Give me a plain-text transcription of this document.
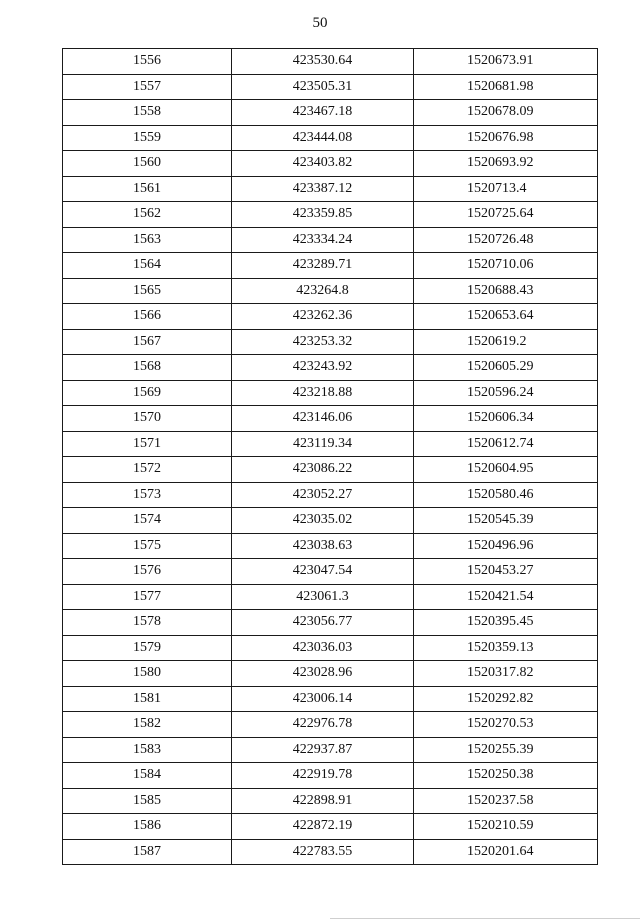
50
1556	423530.64	1520673.91
1557	423505.31	1520681.98
1558	423467.18	1520678.09
1559	423444.08	1520676.98
1560	423403.82	1520693.92
1561	423387.12	1520713.4
1562	423359.85	1520725.64
1563	423334.24	1520726.48
1564	423289.71	1520710.06
1565	423264.8	1520688.43
1566	423262.36	1520653.64
1567	423253.32	1520619.2
1568	423243.92	1520605.29
1569	423218.88	1520596.24
1570	423146.06	1520606.34
1571	423119.34	1520612.74
1572	423086.22	1520604.95
1573	423052.27	1520580.46
1574	423035.02	1520545.39
1575	423038.63	1520496.96
1576	423047.54	1520453.27
1577	423061.3	1520421.54
1578	423056.77	1520395.45
1579	423036.03	1520359.13
1580	423028.96	1520317.82
1581	423006.14	1520292.82
1582	422976.78	1520270.53
1583	422937.87	1520255.39
1584	422919.78	1520250.38
1585	422898.91	1520237.58
1586	422872.19	1520210.59
1587	422783.55	1520201.64
